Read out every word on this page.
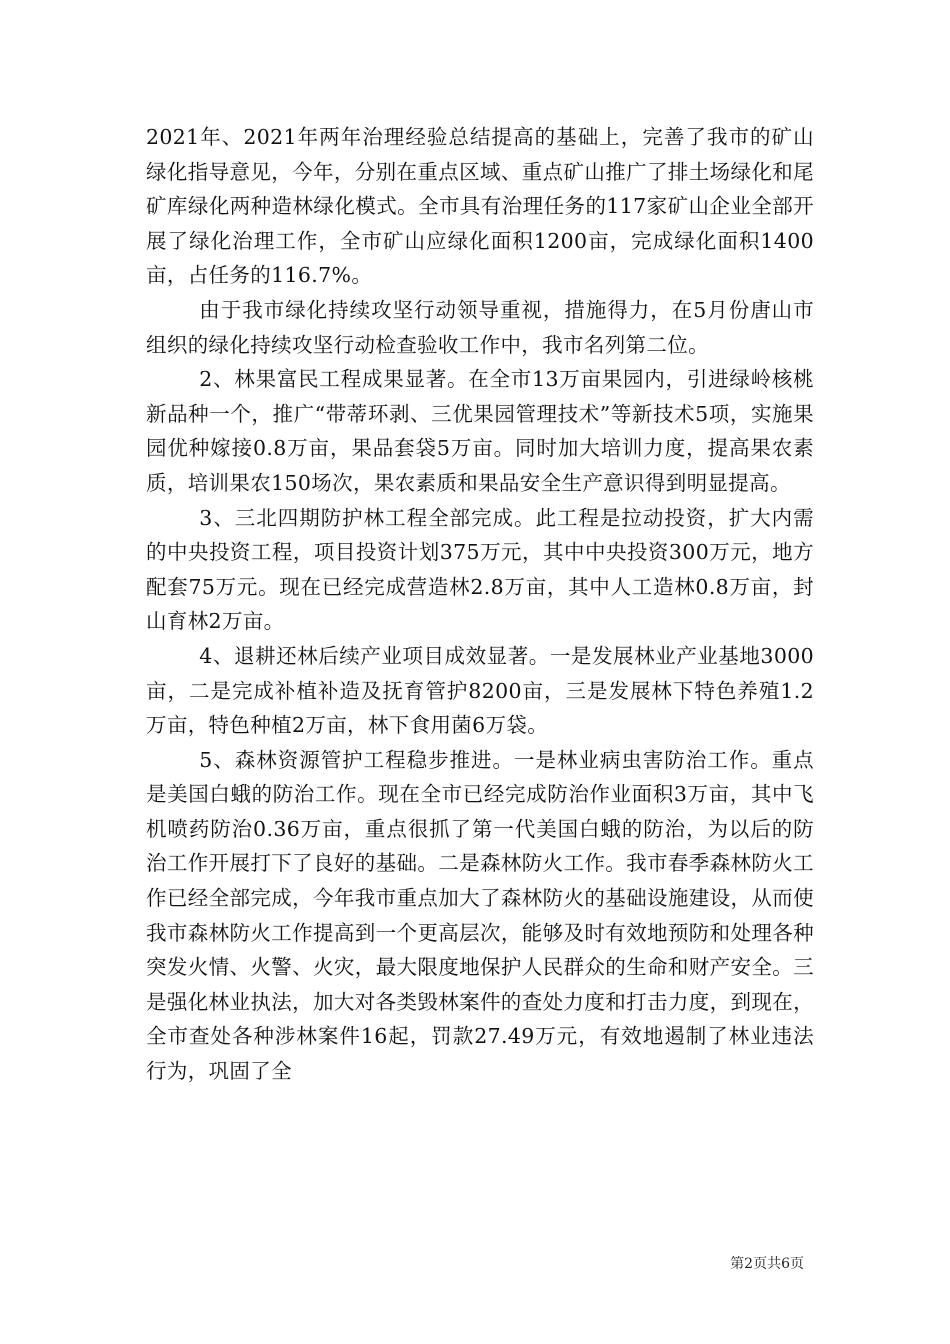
2021年、2021年两年治理经验总结提高的基础上，完善了我市的矿山绿化指导意见，今年，分别在重点区域、重点矿山推广了排土场绿化和尾矿库绿化两种造林绿化模式。全市具有治理任务的117家矿山企业全部开展了绿化治理工作，全市矿山应绿化面积1200亩，完成绿化面积1400亩，占任务的116.7%。

由于我市绿化持续攻坚行动领导重视，措施得力，在5月份唐山市组织的绿化持续攻坚行动检查验收工作中，我市名列第二位。

2、林果富民工程成果显著。在全市13万亩果园内，引进绿岭核桃新品种一个，推广“带蒂环剥、三优果园管理技术”等新技术5项，实施果园优种嫁接0.8万亩，果品套袋5万亩。同时加大培训力度，提高果农素质，培训果农150场次，果农素质和果品安全生产意识得到明显提高。

3、三北四期防护林工程全部完成。此工程是拉动投资，扩大内需的中央投资工程，项目投资计划375万元，其中中央投资300万元，地方配套75万元。现在已经完成营造林2.8万亩，其中人工造林0.8万亩，封山育林2万亩。

4、退耕还林后续产业项目成效显著。一是发展林业产业基地3000亩，二是完成补植补造及抚育管护8200亩，三是发展林下特色养殖1.2万亩，特色种植2万亩，林下食用菌6万袋。

5、森林资源管护工程稳步推进。一是林业病虫害防治工作。重点是美国白蛾的防治工作。现在全市已经完成防治作业面积3万亩，其中飞机喷药防治0.36万亩，重点很抓了第一代美国白蛾的防治，为以后的防治工作开展打下了良好的基础。二是森林防火工作。我市春季森林防火工作已经全部完成，今年我市重点加大了森林防火的基础设施建设，从而使我市森林防火工作提高到一个更高层次，能够及时有效地预防和处理各种突发火情、火警、火灾，最大限度地保护人民群众的生命和财产安全。三是强化林业执法，加大对各类毁林案件的查处力度和打击力度，到现在，全市查处各种涉林案件16起，罚款27.49万元，有效地遏制了林业违法行为，巩固了全

第2页共6页
